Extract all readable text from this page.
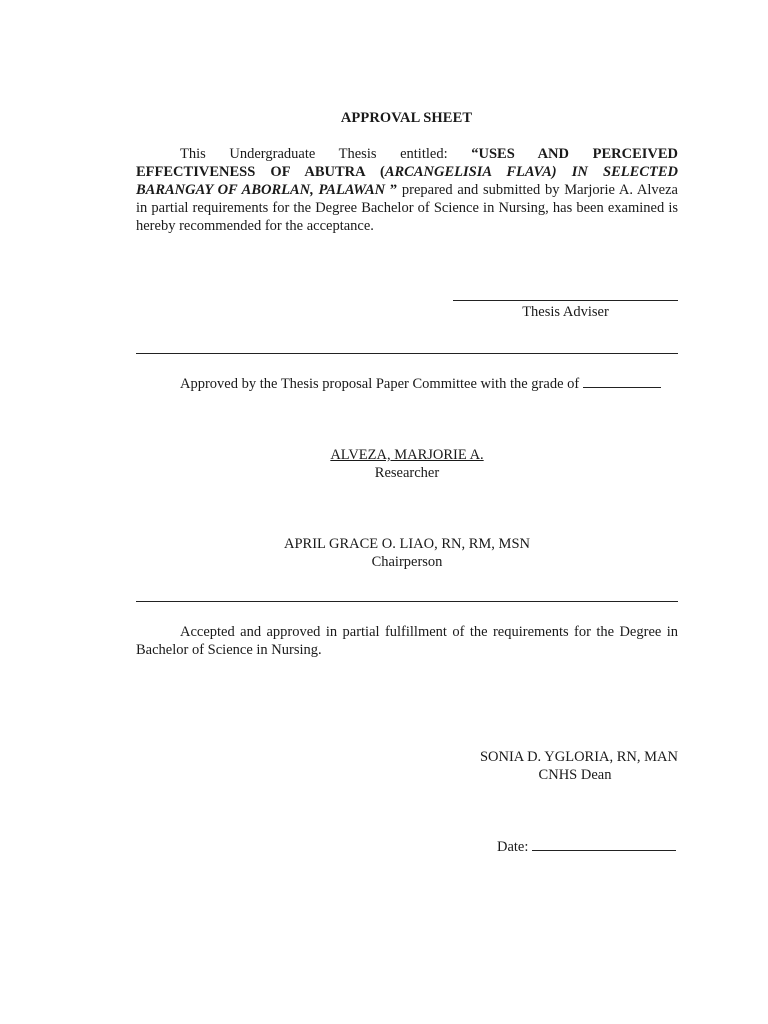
APPROVAL SHEET
This Undergraduate Thesis entitled: “USES AND PERCEIVED EFFECTIVENESS OF ABUTRA (ARCANGELISIA FLAVA) IN SELECTED BARANGAY OF ABORLAN, PALAWAN ” prepared and submitted by Marjorie A. Alveza in partial requirements for the Degree Bachelor of Science in Nursing, has been examined is hereby recommended for the acceptance.
Thesis Adviser
Approved by the Thesis proposal Paper Committee with the grade of
ALVEZA, MARJORIE A.
Researcher
APRIL GRACE O. LIAO, RN, RM, MSN
Chairperson
Accepted and approved in partial fulfillment of the requirements for the Degree in Bachelor of Science in Nursing.
SONIA D. YGLORIA, RN, MAN
CNHS Dean
Date:
